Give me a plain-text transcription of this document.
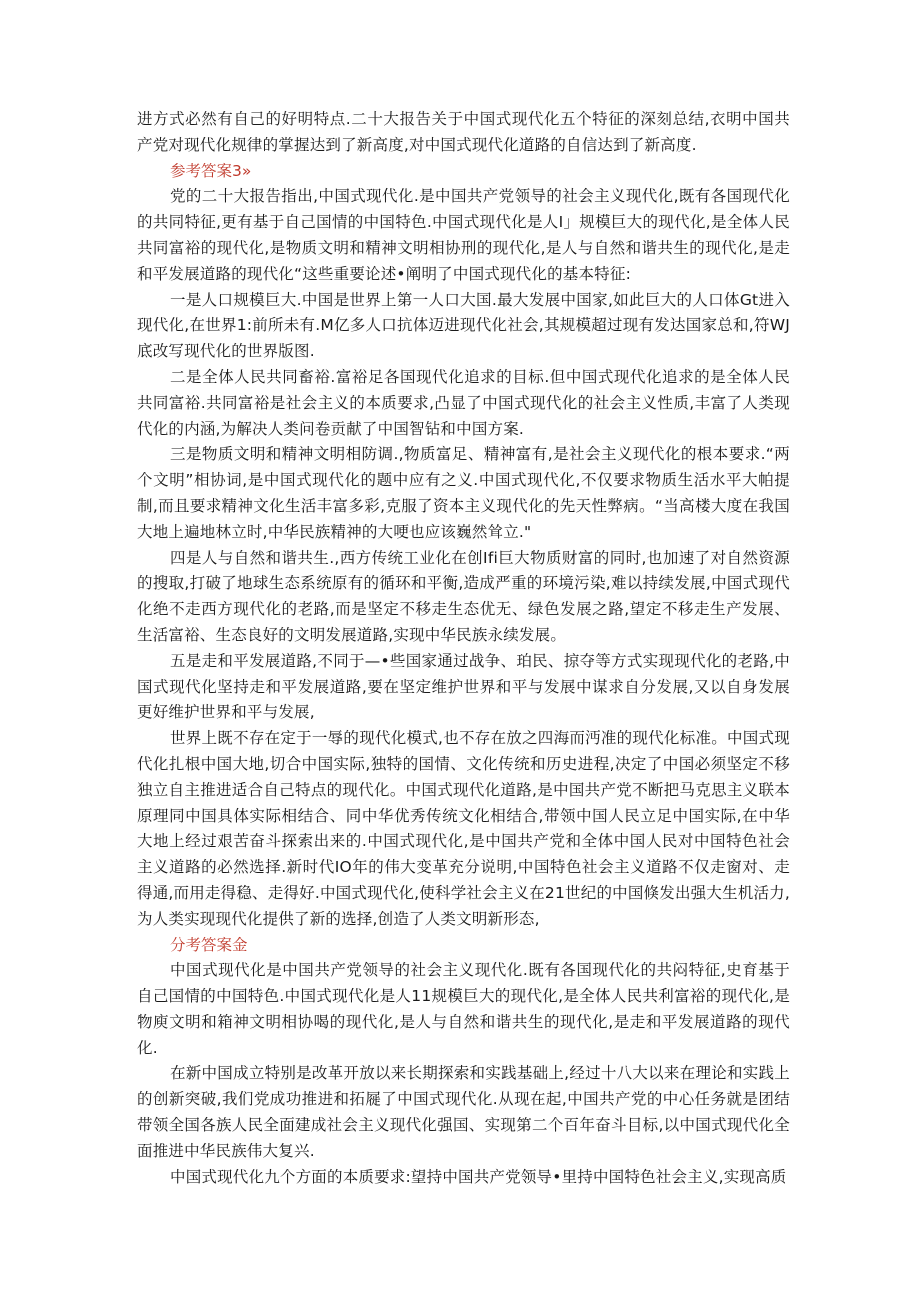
进方式必然有自己的好明特点.二十大报告关于中国式现代化五个特征的深刻总结,衣明中国共产党对现代化规律的掌握达到了新高度,对中国式现代化道路的自信达到了新高度.

参考答案3»

党的二十大报告指出,中国式现代化.是中国共产党领导的社会主义现代化,既有各国现代化的共同特征,更有基于自己国情的中国特色.中国式现代化是人I」规模巨大的现代化,是全体人民共同富裕的现代化,是物质文明和精神文明相协刑的现代化,是人与自然和谐共生的现代化,是走和平发展道路的现代化“这些重要论述•阐明了中国式现代化的基本特征:

一是人口规模巨大.中国是世界上第一人口大国.最大发展中国家,如此巨大的人口体Gt进入现代化,在世界1:前所未有.M亿多人口抗体迈进现代化社会,其规模超过现有发达国家总和,符WJ底改写现代化的世界版图.

二是全体人民共同畜裕.富裕足各国现代化追求的目标.但中国式现代化追求的是全体人民共同富裕.共同富裕是社会主义的本质要求,凸显了中国式现代化的社会主义性质,丰富了人类现代化的内涵,为解决人类问卷贡献了中国智钻和中国方案.

三是物质文明和精神文明相防调.,物质富足、精神富有,是社会主义现代化的根本要求.“两个文明”相协词,是中国式现代化的题中应有之义.中国式现代化,不仅要求物质生活水平大帕提制,而且要求精神文化生活丰富多彩,克服了资本主义现代化的先天性弊病。“当高楼大度在我国大地上遍地林立时,中华民族精神的大哽也应该巍然耸立."

四是人与自然和谐共生.,西方传统工业化在创Ifi巨大物质财富的同时,也加速了对自然资源的搜取,打破了地球生态系统原有的循环和平衡,造成严重的环境污染,难以持续发展,中国式现代化绝不走西方现代化的老路,而是坚定不移走生态优无、绿色发展之路,望定不移走生产发展、生活富裕、生态良好的文明发展道路,实现中华民族永续发展。

五是走和平发展道路,不同于—•些国家通过战争、珀民、掠夺等方式实现现代化的老路,中国式现代化坚持走和平发展道路,要在坚定维护世界和平与发展中谋求自分发展,又以自身发展更好维护世界和平与发展,

世界上既不存在定于一辱的现代化模式,也不存在放之四海而沔准的现代化标准。中国式现代化扎根中国大地,切合中国实际,独特的国情、文化传统和历史进程,决定了中国必须坚定不移独立自主推进适合自己特点的现代化。中国式现代化道路,是中国共产党不断把马克思主义联本原理同中国具体实际相结合、同中华优秀传统文化相结合,带领中国人民立足中国实际,在中华大地上经过艰苦奋斗探索出来的.中国式现代化,是中国共产党和全体中国人民对中国特色社会主义道路的必然选择.新时代IO年的伟大变革充分说明,中国特色社会主义道路不仅走窗对、走得通,而用走得稳、走得好.中国式现代化,使科学社会主义在21世纪的中国倏发出强大生机活力,为人类实现现代化提供了新的选择,创造了人类文明新形态,

分考答案金

中国式现代化是中国共产党领导的社会主义现代化.既有各国现代化的共闷特征,史育基于自己国情的中国特色.中国式现代化是人11规模巨大的现代化,是全体人民共利富裕的现代化,是物庾文明和箱神文明相协喝的现代化,是人与自然和谐共生的现代化,是走和平发展道路的现代化.

在新中国成立特别是改革开放以来长期探索和实践基础上,经过十八大以来在理论和实践上的创新突破,我们党成功推进和拓屣了中国式现代化.从现在起,中国共产党的中心任务就是团结带领全国各族人民全面建成社会主义现代化强国、实现第二个百年奋斗目标,以中国式现代化全面推进中华民族伟大复兴.

中国式现代化九个方面的本质要求:望持中国共产党领导•里持中国特色社会主义,实现高质
